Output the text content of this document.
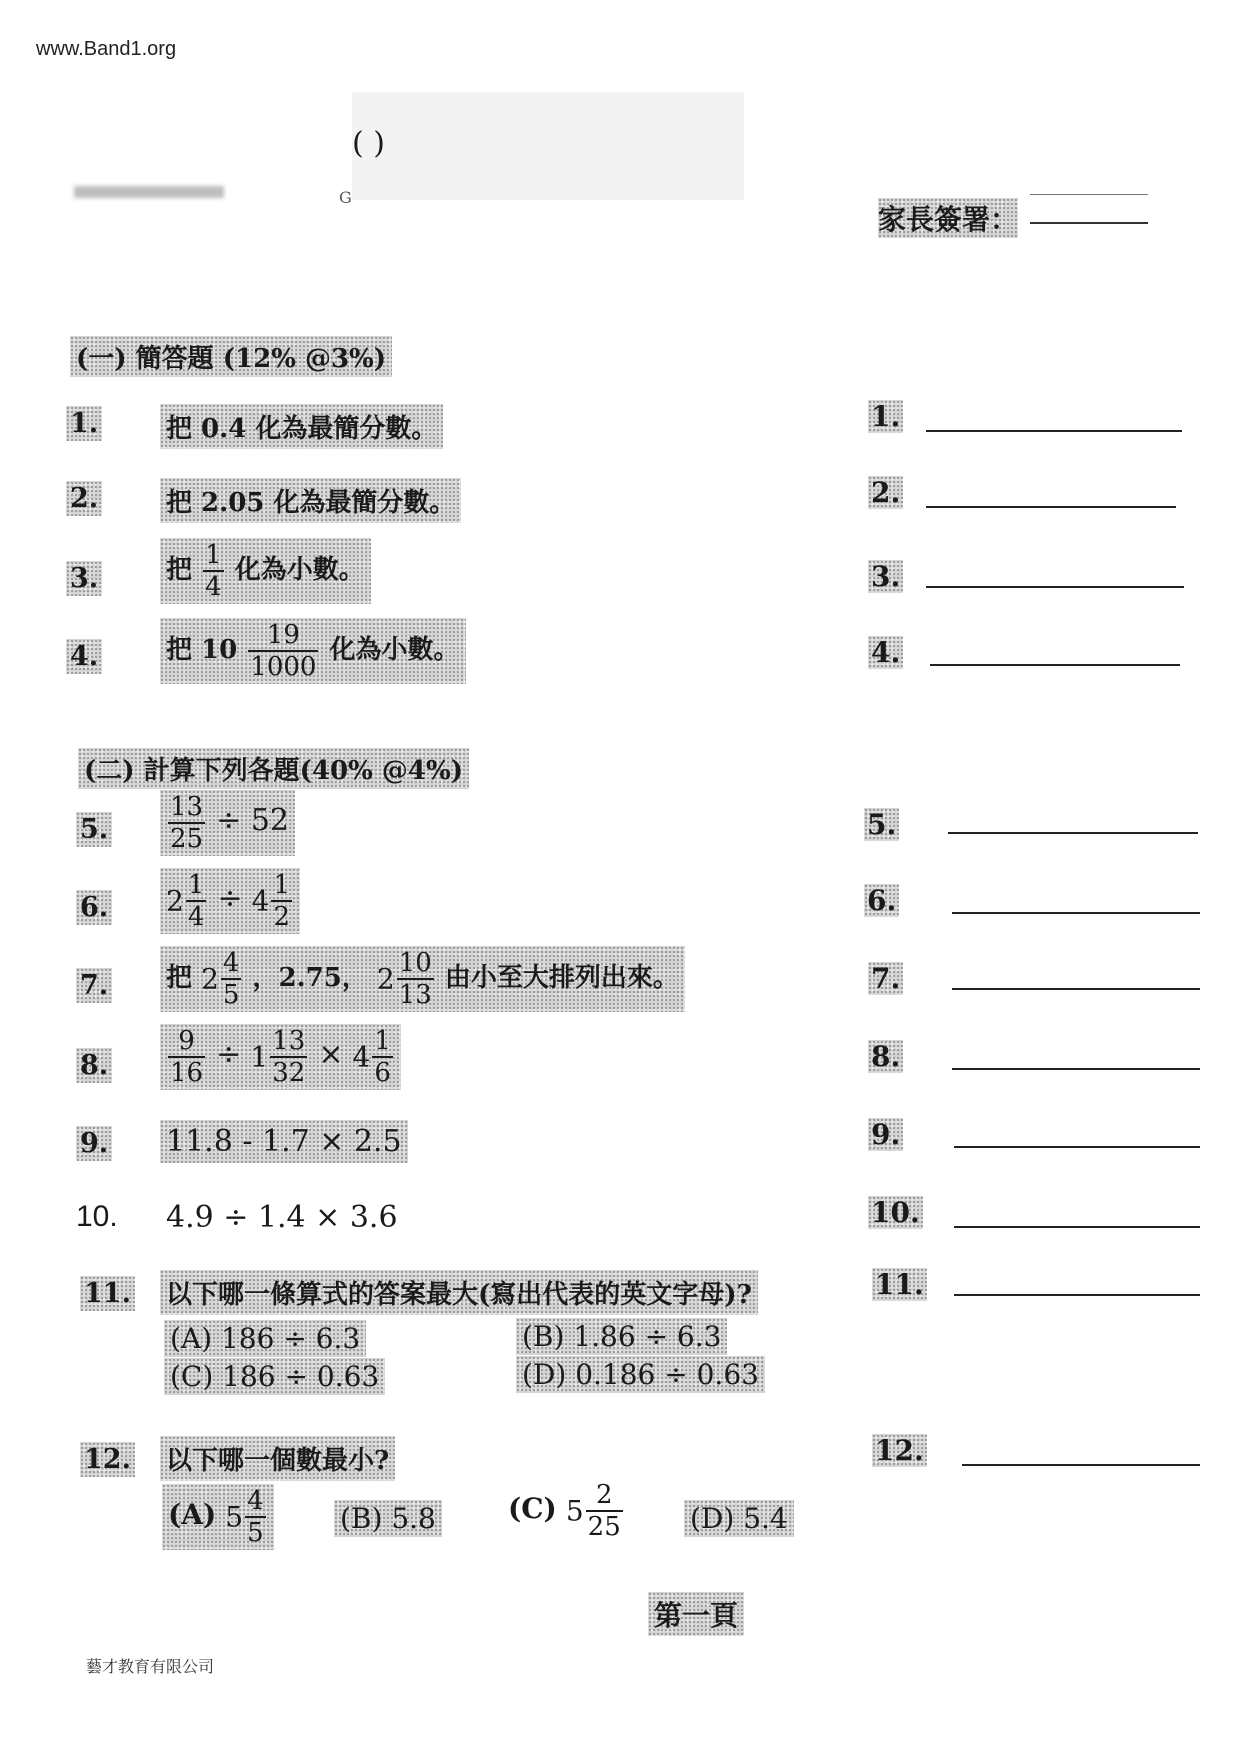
www.Band1.org
( )
G
家長簽署：
(一) 簡答題 (12% @3%)
1.	把 0.4 化為最簡分數。
2.	把 2.05 化為最簡分數。
3.	把 $\frac{1}{4}$ 化為小數。
4.	把 $10 \frac{19}{1000}$ 化為小數。
(二) 計算下列各題(40% @4%)
5. $\frac{13}{25} \div 52$
6. $2 \frac{1}{4} \div 4 \frac{1}{2}$
7. 把 $2 \frac{4}{5}$ ，2.75， $2 \frac{10}{13}$ 由小至大排列出來。
8. $\frac{9}{16} \div 1 \frac{13}{32} \times 4 \frac{1}{6}$
9. 11.8 - 1.7 × 2.5
10. 4.9 ÷ 1.4 × 3.6
11. 以下哪一條算式的答案最大(寫出代表的英文字母)?
(A) 186 ÷ 6.3	(B) 1.86 ÷ 6.3
(C) 186 ÷ 0.63	(D) 0.186 ÷ 0.63
12. 以下哪一個數最小?
(A) $5 \frac{4}{5}$	(B) 5.8	(C) $5 \frac{2}{25} (D)$ 5.4
1.
2.
3.
4.
5.
6.
7.
8.
9.
10.
11.
12.
第一頁
藝才教育有限公司
